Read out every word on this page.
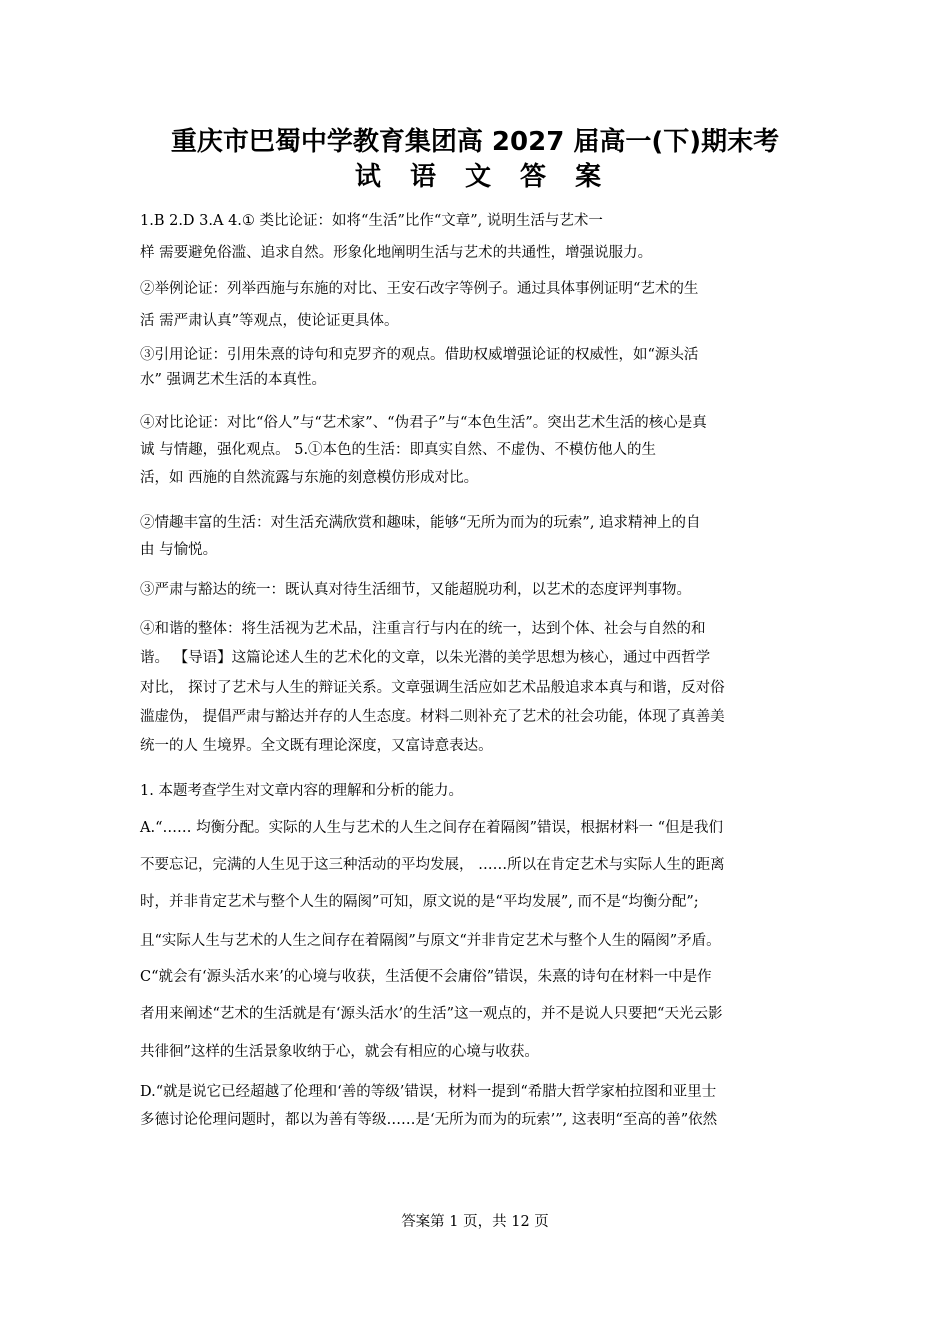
重庆市巴蜀中学教育集团高 2027 届高一(下)期末考
试 语 文 答 案
1.B 2.D 3.A 4.① 类比论证：如将“生活”比作“文章”, 说明生活与艺术一
样 需要避免俗滥、追求自然。形象化地阐明生活与艺术的共通性，增强说服力。
②举例论证：列举西施与东施的对比、王安石改字等例子。通过具体事例证明“艺术的生
活 需严肃认真”等观点，使论证更具体。
③引用论证：引用朱熹的诗句和克罗齐的观点。借助权威增强论证的权威性，如“源头活
水” 强调艺术生活的本真性。
④对比论证：对比“俗人”与“艺术家”、“伪君子”与“本色生活”。突出艺术生活的核心是真
诚 与情趣，强化观点。 5.①本色的生活：即真实自然、不虚伪、不模仿他人的生
活，如 西施的自然流露与东施的刻意模仿形成对比。
②情趣丰富的生活：对生活充满欣赏和趣味，能够“无所为而为的玩索”, 追求精神上的自
由 与愉悦。
③严肃与豁达的统一：既认真对待生活细节，又能超脱功利，以艺术的态度评判事物。
④和谐的整体：将生活视为艺术品，注重言行与内在的统一，达到个体、社会与自然的和
谐。 【导语】这篇论述人生的艺术化的文章，以朱光潜的美学思想为核心，通过中西哲学
对比， 探讨了艺术与人生的辩证关系。文章强调生活应如艺术品般追求本真与和谐，反对俗
滥虚伪， 提倡严肃与豁达并存的人生态度。材料二则补充了艺术的社会功能，体现了真善美
统一的人 生境界。全文既有理论深度，又富诗意表达。
1. 本题考查学生对文章内容的理解和分析的能力。
A.“…… 均衡分配。实际的人生与艺术的人生之间存在着隔阂”错误，根据材料一 “但是我们
不要忘记，完满的人生见于这三种活动的平均发展， ……所以在肯定艺术与实际人生的距离
时，并非肯定艺术与整个人生的隔阂”可知，原文说的是“平均发展”, 而不是“均衡分配”;
且“实际人生与艺术的人生之间存在着隔阂”与原文“并非肯定艺术与整个人生的隔阂”矛盾。
C“就会有‘源头活水来’的心境与收获，生活便不会庸俗”错误，朱熹的诗句在材料一中是作
者用来阐述“艺术的生活就是有‘源头活水’的生活”这一观点的，并不是说人只要把“天光云影
共徘徊”这样的生活景象收纳于心，就会有相应的心境与收获。
D.“就是说它已经超越了伦理和‘善的等级’错误，材料一提到“希腊大哲学家柏拉图和亚里士
多德讨论伦理问题时，都以为善有等级……是‘无所为而为的玩索’”, 这表明“至高的善”依然
答案第 1 页，共 12 页
